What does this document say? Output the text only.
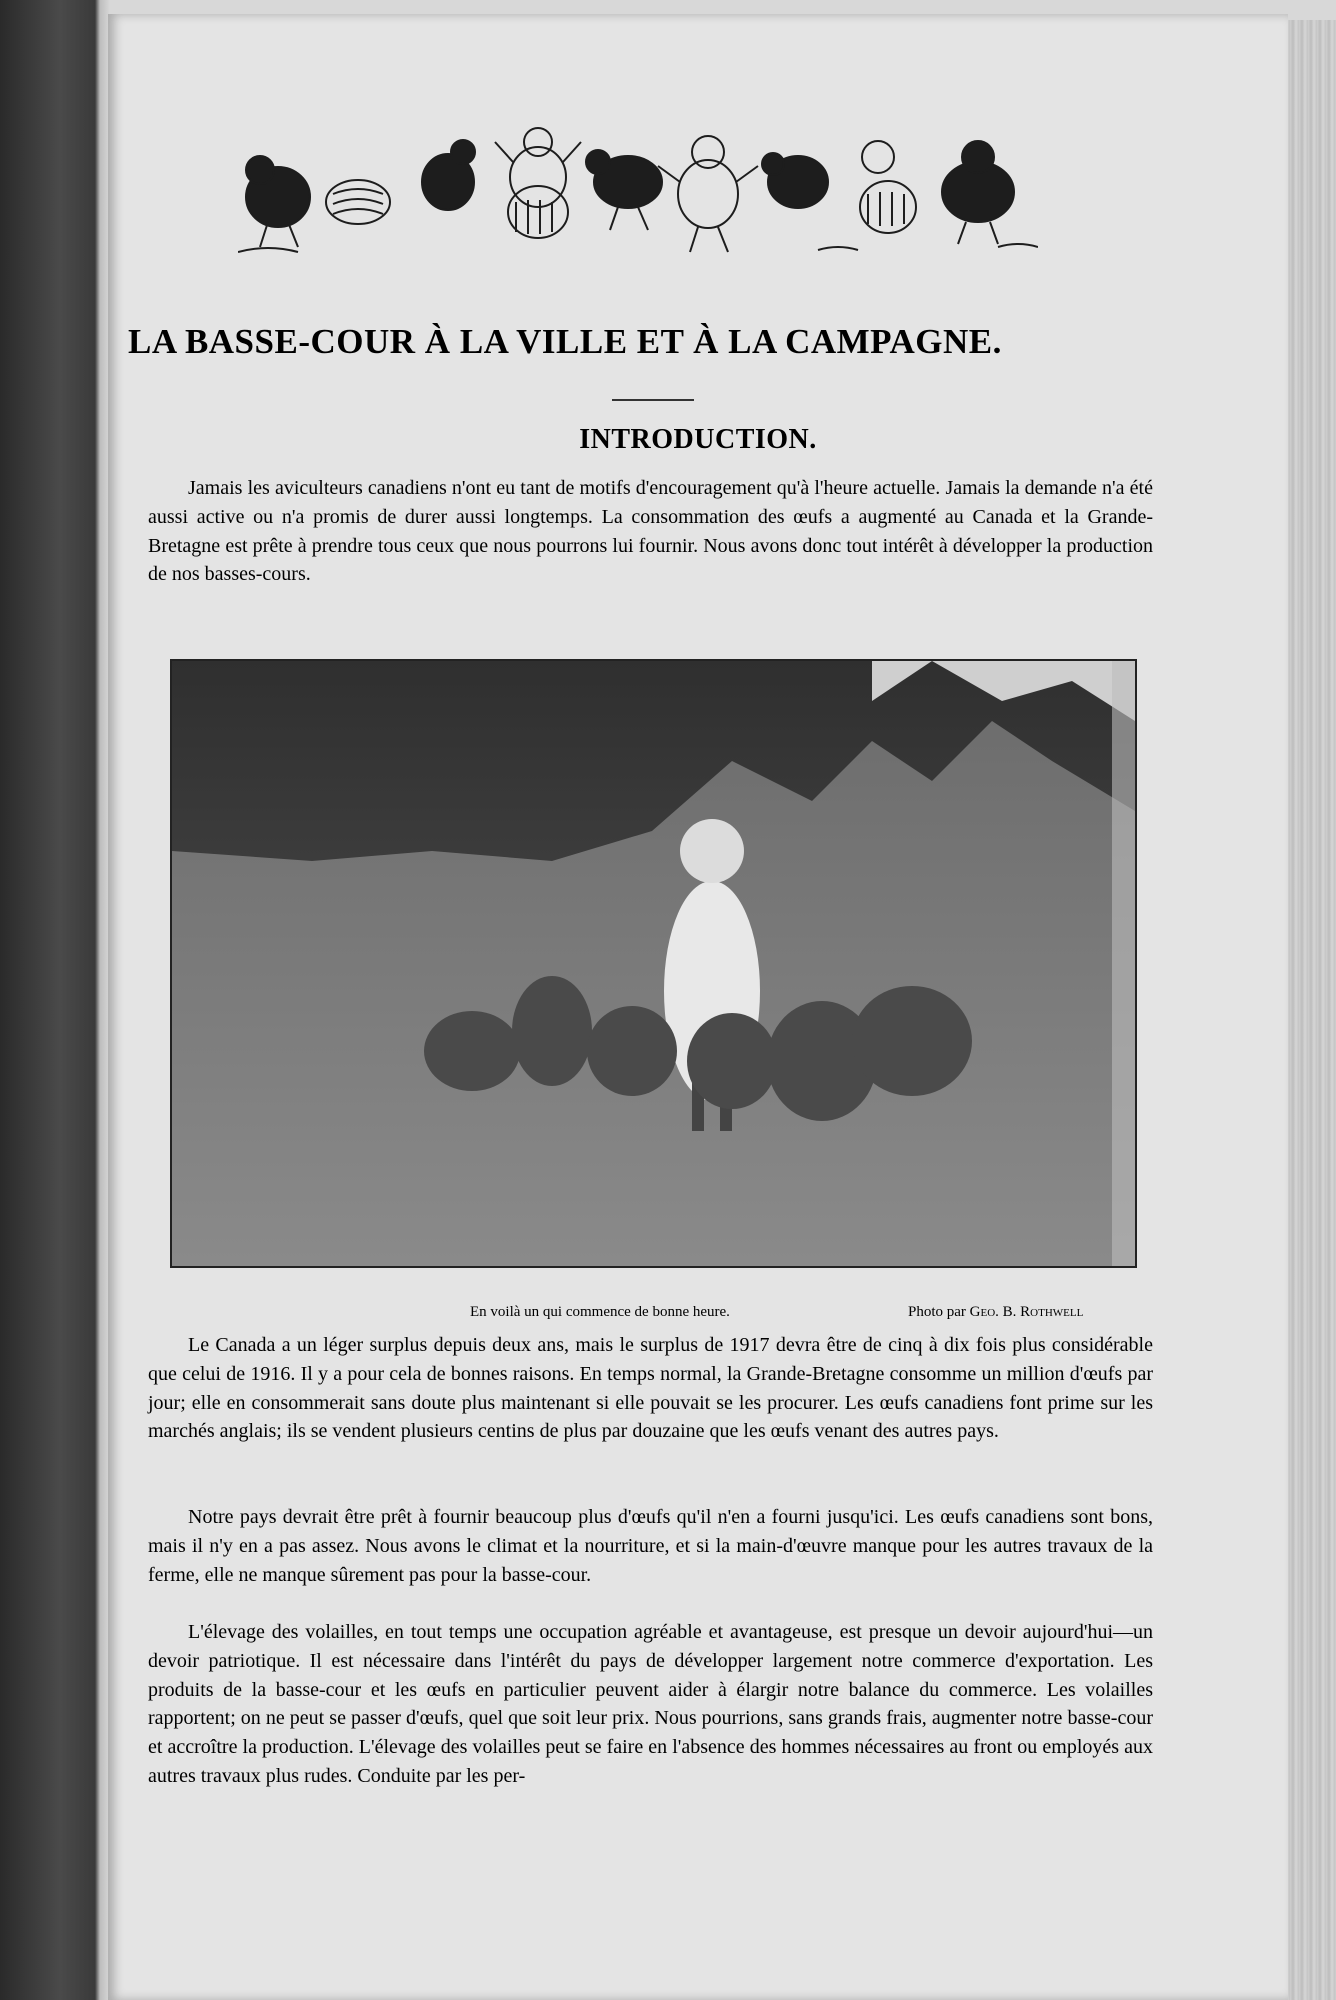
LA BASSE-COUR À LA VILLE ET À LA CAMPAGNE.
INTRODUCTION.

Jamais les aviculteurs canadiens n'ont eu tant de motifs d'encouragement qu'à l'heure actuelle. Jamais la demande n'a été aussi active ou n'a promis de durer aussi longtemps. La consommation des œufs a augmenté au Canada et la Grande-Bretagne est prête à prendre tous ceux que nous pourrons lui fournir. Nous avons donc tout intérêt à développer la production de nos basses-cours.

En voilà un qui commence de bonne heure.	Photo par Geo. B. Rothwell

Le Canada a un léger surplus depuis deux ans, mais le surplus de 1917 devra être de cinq à dix fois plus considérable que celui de 1916. Il y a pour cela de bonnes raisons. En temps normal, la Grande-Bretagne consomme un million d'œufs par jour; elle en consommerait sans doute plus maintenant si elle pouvait se les procurer. Les œufs canadiens font prime sur les marchés anglais; ils se vendent plusieurs centins de plus par douzaine que les œufs venant des autres pays.

Notre pays devrait être prêt à fournir beaucoup plus d'œufs qu'il n'en a fourni jusqu'ici. Les œufs canadiens sont bons, mais il n'y en a pas assez. Nous avons le climat et la nourriture, et si la main-d'œuvre manque pour les autres travaux de la ferme, elle ne manque sûrement pas pour la basse-cour.

L'élevage des volailles, en tout temps une occupation agréable et avantageuse, est presque un devoir aujourd'hui—un devoir patriotique. Il est nécessaire dans l'intérêt du pays de développer largement notre commerce d'exportation. Les produits de la basse-cour et les œufs en particulier peuvent aider à élargir notre balance du commerce. Les volailles rapportent; on ne peut se passer d'œufs, quel que soit leur prix. Nous pourrions, sans grands frais, augmenter notre basse-cour et accroître la production. L'élevage des volailles peut se faire en l'absence des hommes nécessaires au front ou employés aux autres travaux plus rudes. Conduite par les per-
